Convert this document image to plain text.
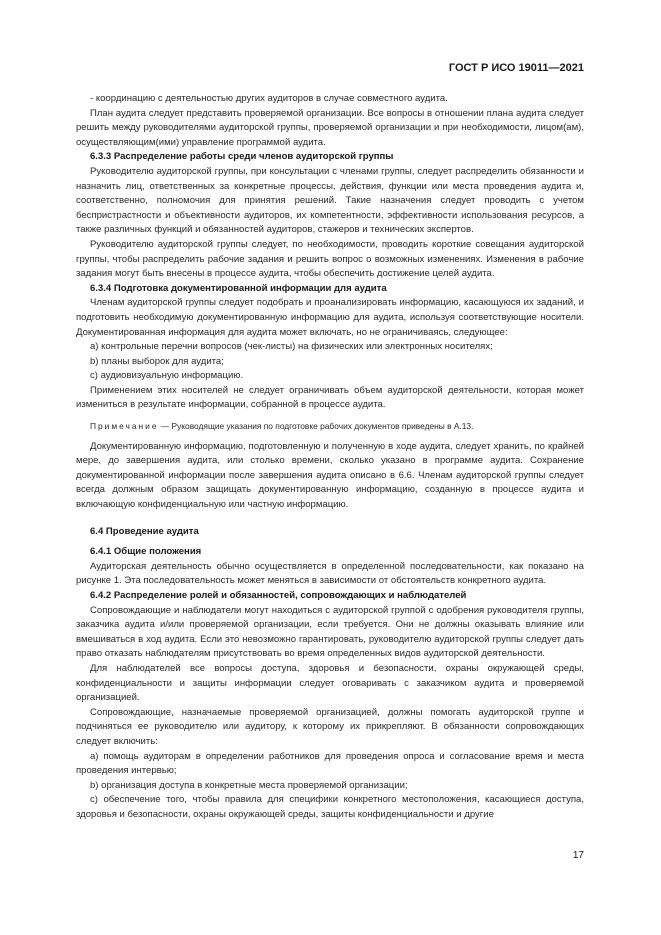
ГОСТ Р ИСО 19011—2021

- координацию с деятельностью других аудиторов в случае совместного аудита.

План аудита следует представить проверяемой организации. Все вопросы в отношении плана аудита следует решить между руководителями аудиторской группы, проверяемой организации и при необходимости, лицом(ам), осуществляющим(ими) управление программой аудита.

6.3.3 Распределение работы среди членов аудиторской группы

Руководителю аудиторской группы, при консультации с членами группы, следует распределить обязанности и назначить лиц, ответственных за конкретные процессы, действия, функции или места проведения аудита и, соответственно, полномочия для принятия решений. Такие назначения следует проводить с учетом беспристрастности и объективности аудиторов, их компетентности, эффективности использования ресурсов, а также различных функций и обязанностей аудиторов, стажеров и технических экспертов.

Руководителю аудиторской группы следует, по необходимости, проводить короткие совещания аудиторской группы, чтобы распределить рабочие задания и решить вопрос о возможных изменениях. Изменения в рабочие задания могут быть внесены в процессе аудита, чтобы обеспечить достижение целей аудита.

6.3.4 Подготовка документированной информации для аудита

Членам аудиторской группы следует подобрать и проанализировать информацию, касающуюся их заданий, и подготовить необходимую документированную информацию для аудита, используя соответствующие носители. Документированная информация для аудита может включать, но не ограничиваясь, следующее:

a) контрольные перечни вопросов (чек-листы) на физических или электронных носителях;

b) планы выборок для аудита;

c) аудиовизуальную информацию.

Применением этих носителей не следует ограничивать объем аудиторской деятельности, которая может измениться в результате информации, собранной в процессе аудита.

Примечание — Руководящие указания по подготовке рабочих документов приведены в А.13.

Документированную информацию, подготовленную и полученную в ходе аудита, следует хранить, по крайней мере, до завершения аудита, или столько времени, сколько указано в программе аудита. Сохранение документированной информации после завершения аудита описано в 6.6. Членам аудиторской группы следует всегда должным образом защищать документированную информацию, созданную в процессе аудита и включающую конфиденциальную или частную информацию.

6.4 Проведение аудита

6.4.1 Общие положения

Аудиторская деятельность обычно осуществляется в определенной последовательности, как показано на рисунке 1. Эта последовательность может меняться в зависимости от обстоятельств конкретного аудита.

6.4.2 Распределение ролей и обязанностей, сопровождающих и наблюдателей

Сопровождающие и наблюдатели могут находиться с аудиторской группой с одобрения руководителя группы, заказчика аудита и/или проверяемой организации, если требуется. Они не должны оказывать влияние или вмешиваться в ход аудита. Если это невозможно гарантировать, руководителю аудиторской группы следует дать право отказать наблюдателям присутствовать во время определенных видов аудиторской деятельности.

Для наблюдателей все вопросы доступа, здоровья и безопасности, охраны окружающей среды, конфиденциальности и защиты информации следует оговаривать с заказчиком аудита и проверяемой организацией.

Сопровождающие, назначаемые проверяемой организацией, должны помогать аудиторской группе и подчиняться ее руководителю или аудитору, к которому их прикрепляют. В обязанности сопровождающих следует включить:

a) помощь аудиторам в определении работников для проведения опроса и согласование время и места проведения интервью;

b) организация доступа в конкретные места проверяемой организации;

c) обеспечение того, чтобы правила для специфики конкретного местоположения, касающиеся доступа, здоровья и безопасности, охраны окружающей среды, защиты конфиденциальности и другие

17
